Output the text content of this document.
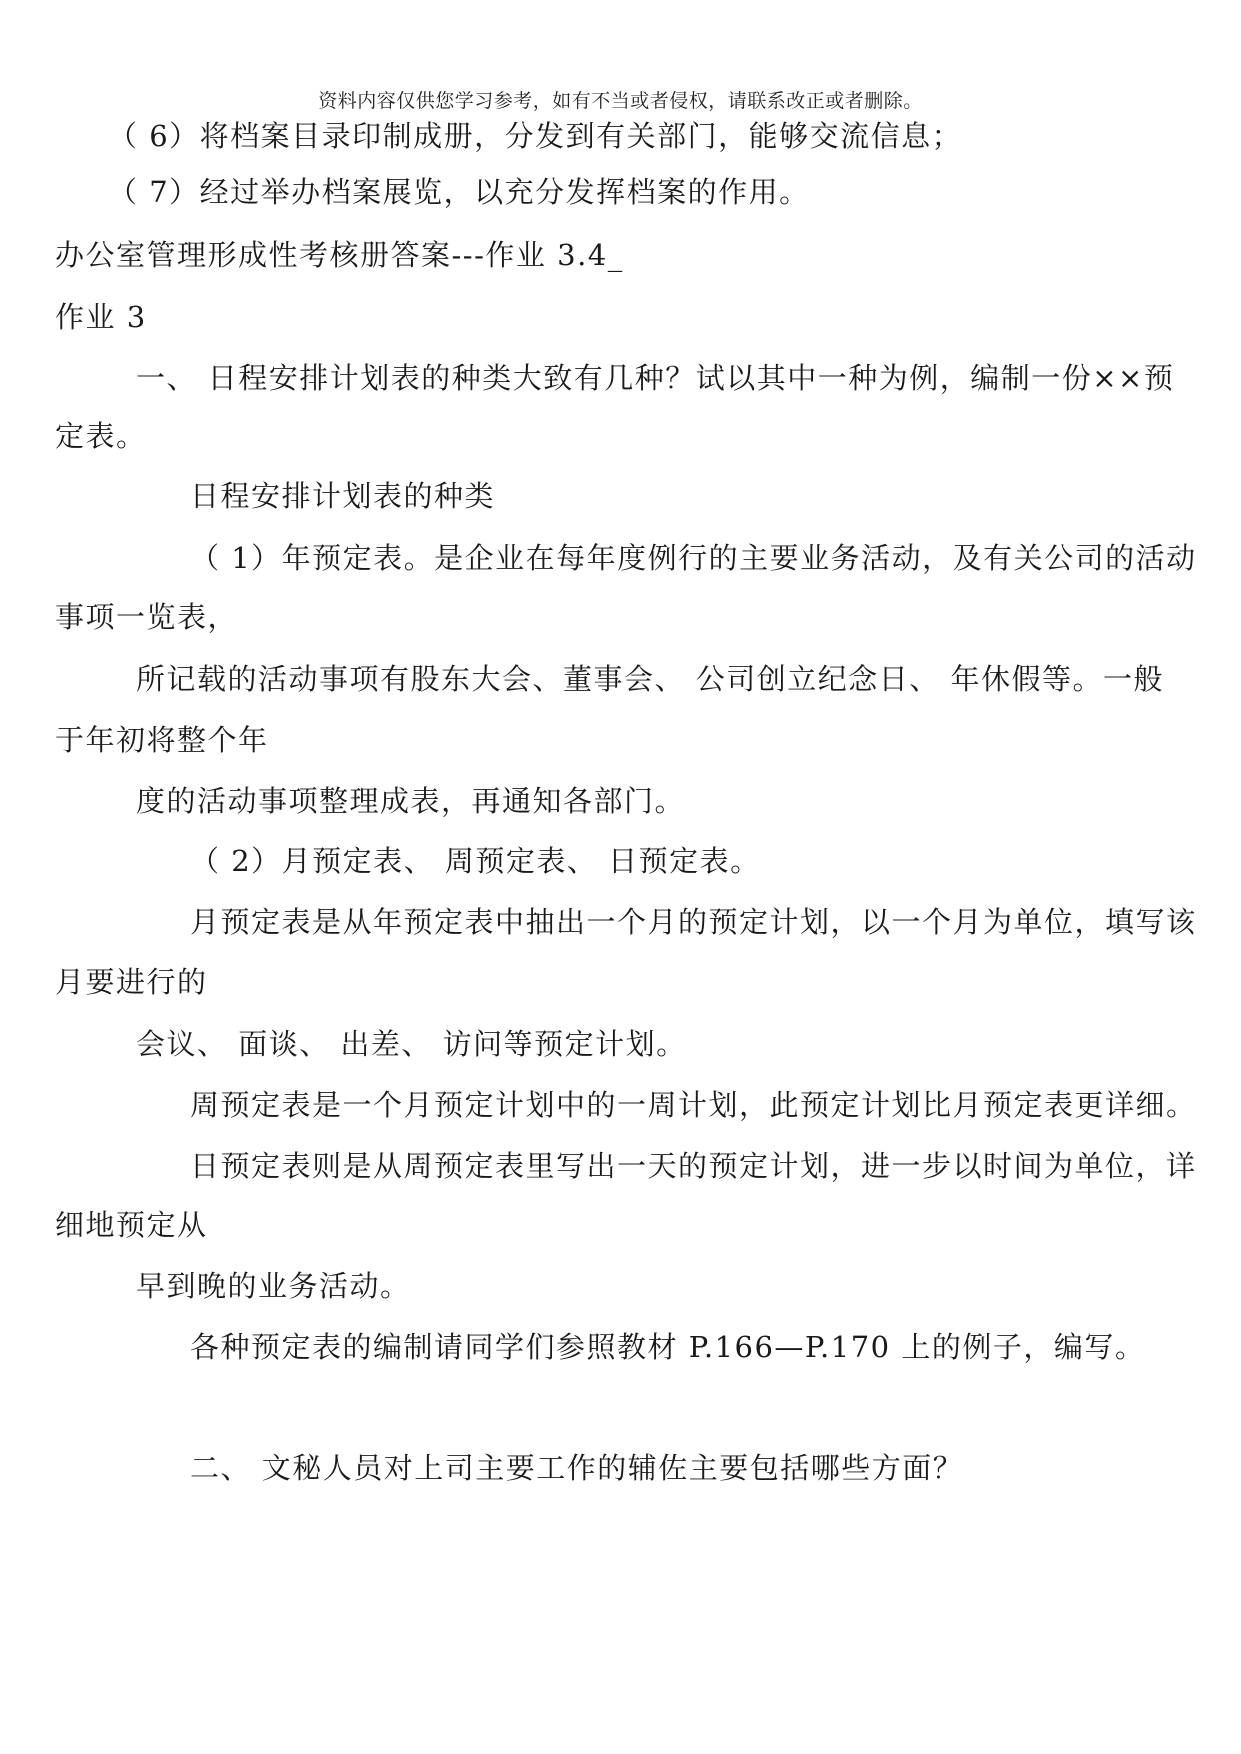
资料内容仅供您学习参考，如有不当或者侵权，请联系改正或者删除。
（ 6）将档案目录印制成册，分发到有关部门，能够交流信息；
（ 7）经过举办档案展览，以充分发挥档案的作用。
办公室管理形成性考核册答案---作业 3.4_
作业 3
一、 日程安排计划表的种类大致有几种？试以其中一种为例，编制一份××预
定表。
日程安排计划表的种类
（ 1）年预定表。是企业在每年度例行的主要业务活动，及有关公司的活动
事项一览表，
所记载的活动事项有股东大会、董事会、 公司创立纪念日、 年休假等。一般
于年初将整个年
度的活动事项整理成表，再通知各部门。
（ 2）月预定表、 周预定表、 日预定表。
月预定表是从年预定表中抽出一个月的预定计划，以一个月为单位，填写该
月要进行的
会议、 面谈、 出差、 访问等预定计划。
周预定表是一个月预定计划中的一周计划，此预定计划比月预定表更详细。
日预定表则是从周预定表里写出一天的预定计划，进一步以时间为单位，详
细地预定从
早到晚的业务活动。
各种预定表的编制请同学们参照教材 P.166—P.170 上的例子，编写。
二、 文秘人员对上司主要工作的辅佐主要包括哪些方面？
